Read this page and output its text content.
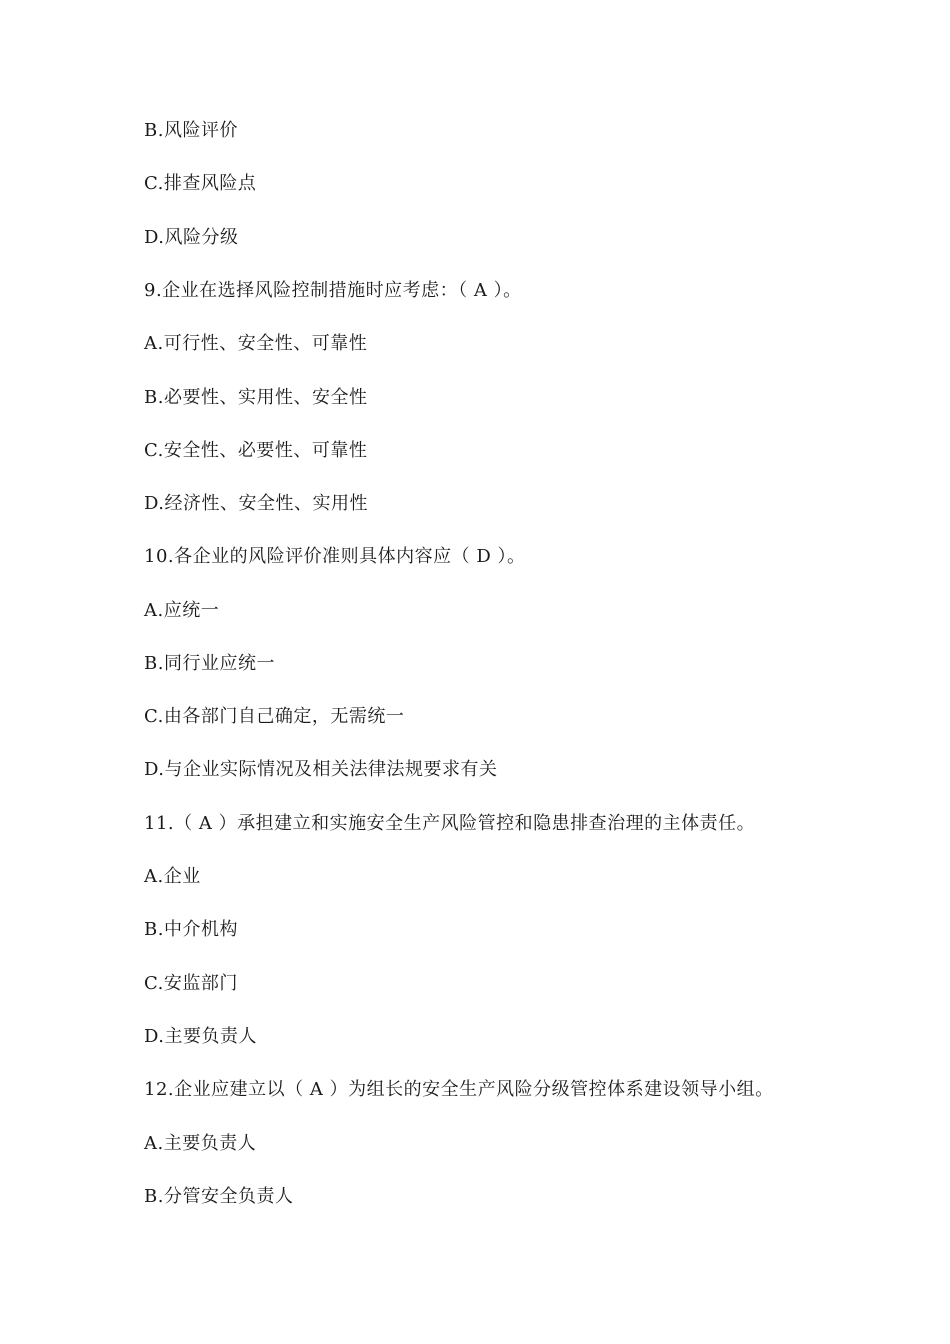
B.风险评价
C.排查风险点
D.风险分级
9.企业在选择风险控制措施时应考虑：（ A ）。
A.可行性、安全性、可靠性
B.必要性、实用性、安全性
C.安全性、必要性、可靠性
D.经济性、安全性、实用性
10.各企业的风险评价准则具体内容应（ D ）。
A.应统一
B.同行业应统一
C.由各部门自己确定，无需统一
D.与企业实际情况及相关法律法规要求有关
11.（ A ）承担建立和实施安全生产风险管控和隐患排查治理的主体责任。
A.企业
B.中介机构
C.安监部门
D.主要负责人
12.企业应建立以（ A ）为组长的安全生产风险分级管控体系建设领导小组。
A.主要负责人
B.分管安全负责人
